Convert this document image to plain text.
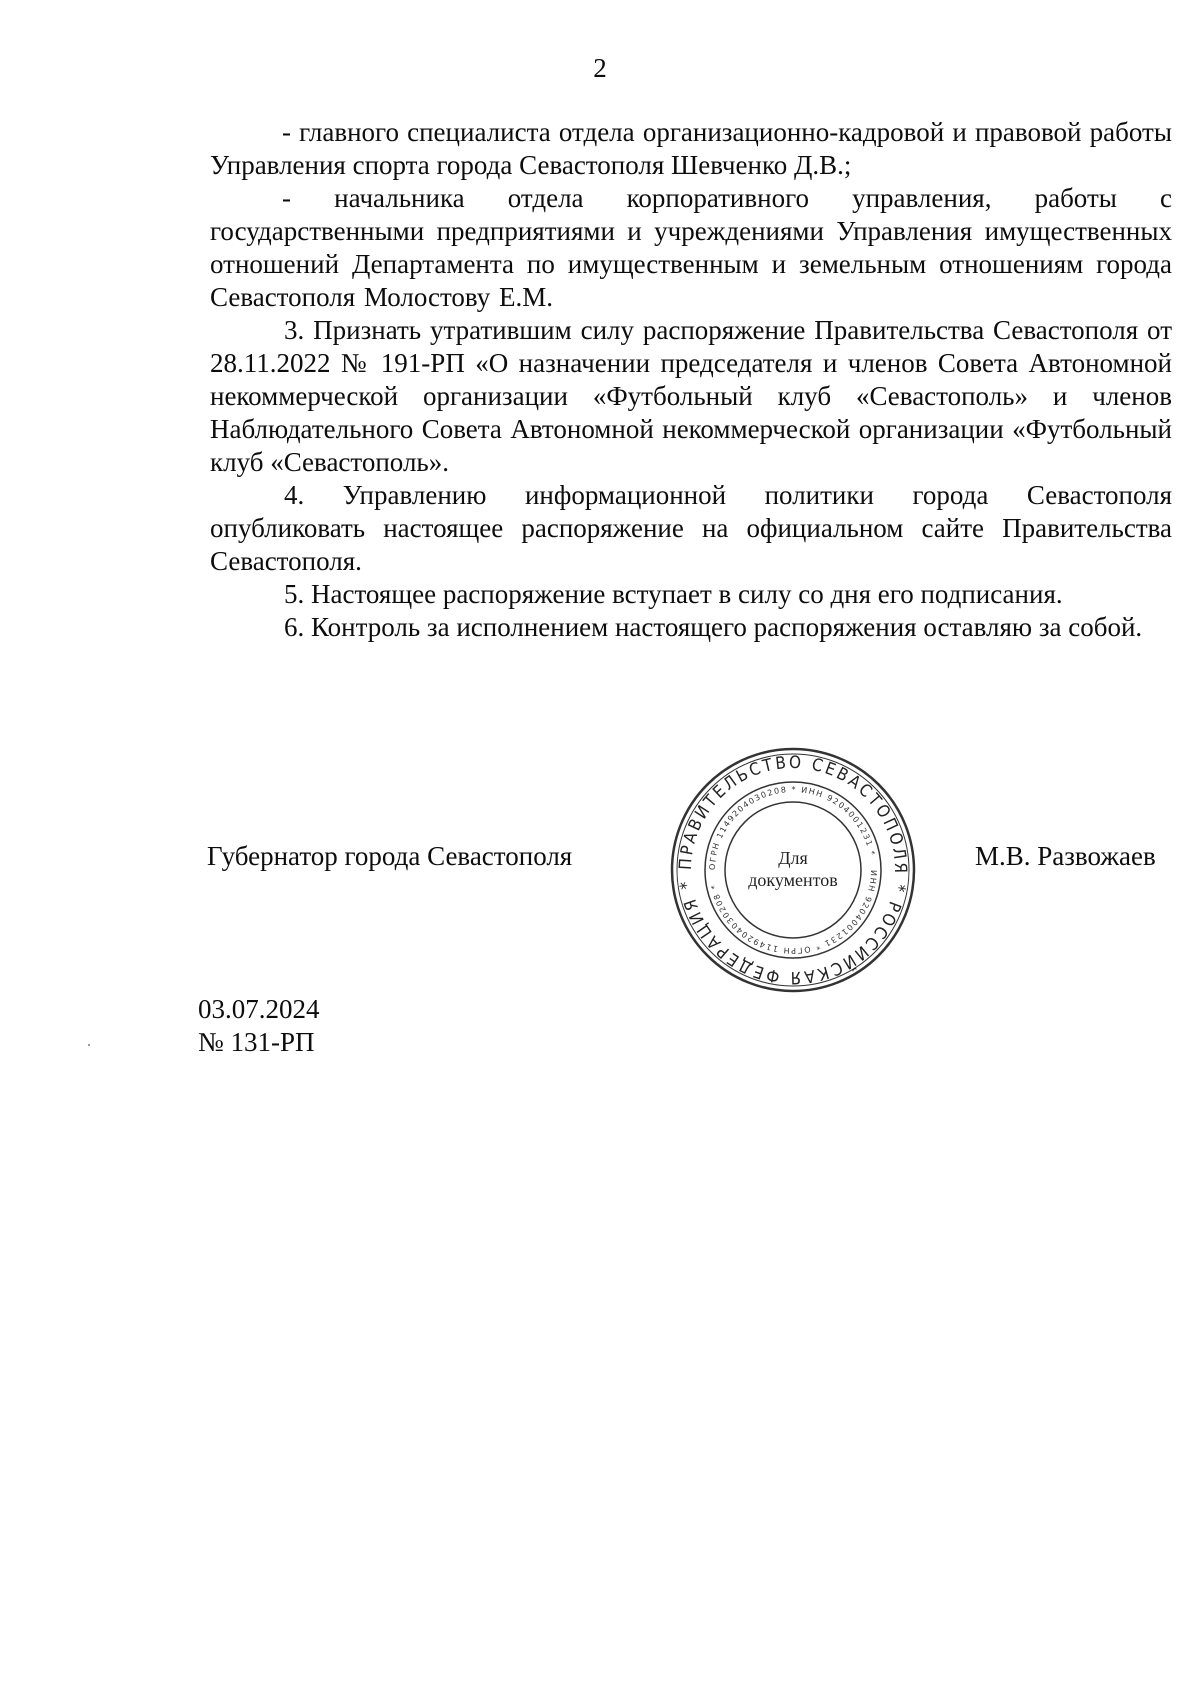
2

- главного специалиста отдела организационно-кадровой и правовой работы Управления спорта города Севастополя Шевченко Д.В.;

- начальника отдела корпоративного управления, работы с государственными предприятиями и учреждениями Управления имущественных отношений Департамента по имущественным и земельным отношениям города Севастополя Молостову Е.М.

3. Признать утратившим силу распоряжение Правительства Севастополя от 28.11.2022 № 191-РП «О назначении председателя и членов Совета Автономной некоммерческой организации «Футбольный клуб «Севастополь» и членов Наблюдательного Совета Автономной некоммерческой организации «Футбольный клуб «Севастополь».

4. Управлению информационной политики города Севастополя опубликовать настоящее распоряжение на официальном сайте Правительства Севастополя.

5. Настоящее распоряжение вступает в силу со дня его подписания.

6. Контроль за исполнением настоящего распоряжения оставляю за собой.

Губернатор города Севастополя	ПРАВИТЕЛЬСТВО СЕВАСТОПОЛЯ * РОССИЙСКАЯ ФЕДЕРАЦИЯ *
ОГРН 1149204030208 * ИНН 9204001231 *
ИНН 9204001231 * ОГРН 1149204030208 *
Для
документов
М.В. Развожаев
03.07.2024
№ 131-РП
